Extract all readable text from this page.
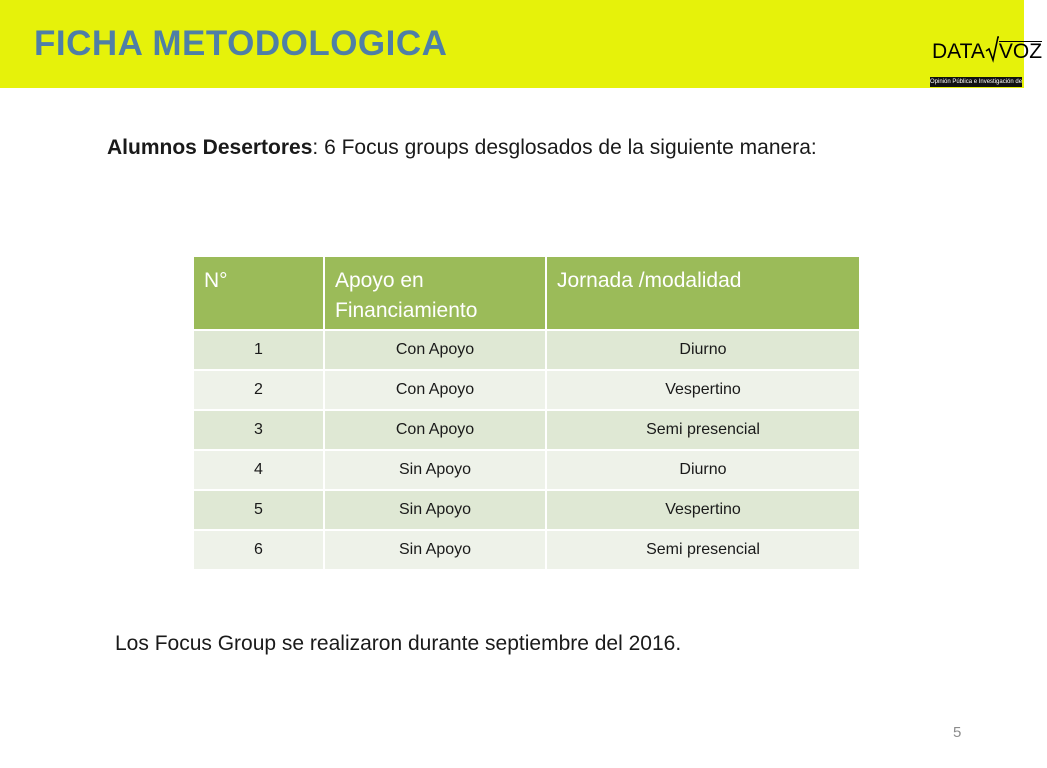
FICHA METODOLOGICA	DATA VOZ
Opinión Pública e Investigación de Mercado
Alumnos Desertores: 6 Focus groups desglosados de la siguiente manera:
N°	Apoyo en Financiamiento	Jornada /modalidad
1	Con Apoyo	Diurno
2	Con Apoyo	Vespertino
3	Con Apoyo	Semi presencial
4	Sin Apoyo	Diurno
5	Sin Apoyo	Vespertino
6	Sin Apoyo	Semi presencial
Los Focus Group se realizaron durante septiembre del 2016.
5
